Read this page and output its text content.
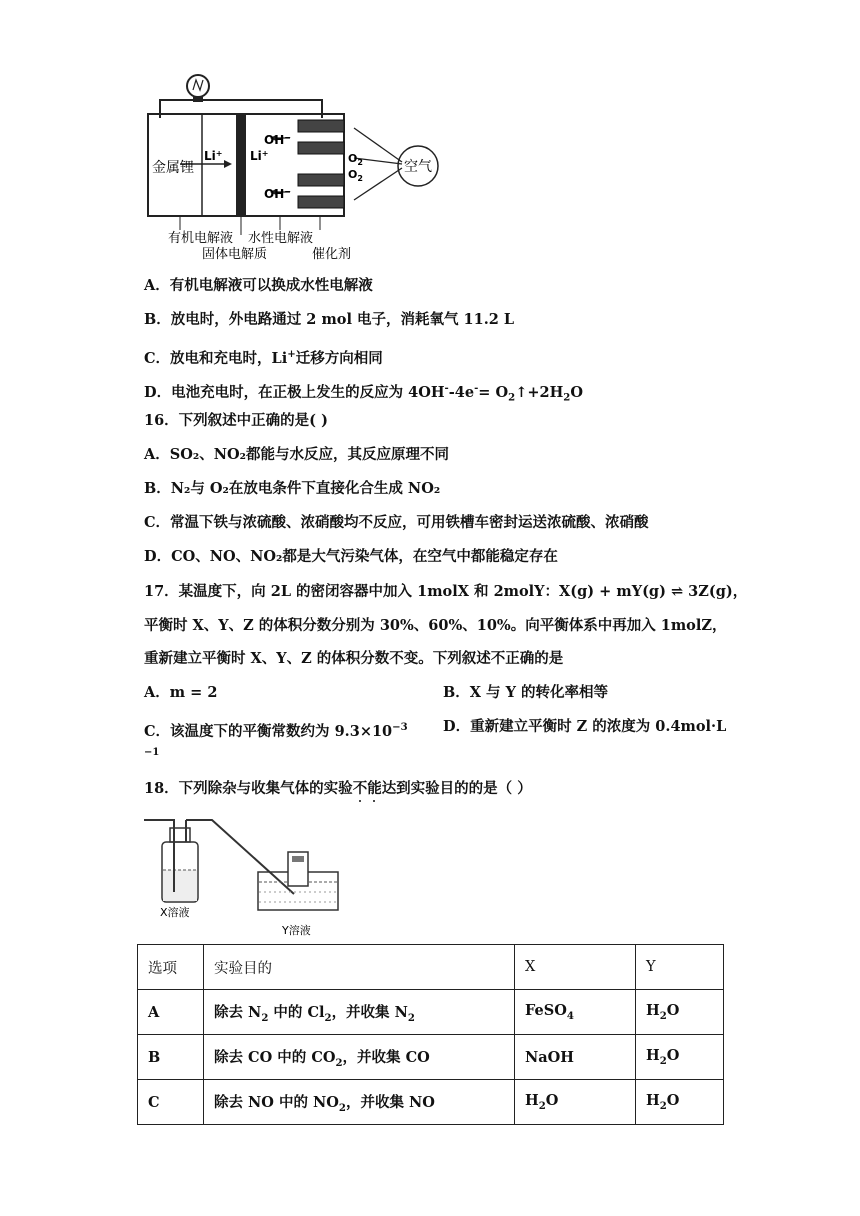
金属锂
Li+ Li+
OH−
OH−
$O_2$
$O_2$
空气
有机电解液 水性电解液
固体电解质	催化剂
A．有机电解液可以换成水性电解液
B．放电时，外电路通过 2 mol 电子，消耗氧气 11.2 L
C．放电和充电时，Li+迁移方向相同
D．电池充电时，在正极上发生的反应为 $4OH^--4e^-= O_2↑+2H_2O$
16．下列叙述中正确的是( )
A．SO₂、NO₂都能与水反应，其反应原理不同
B．N₂与 O₂在放电条件下直接化合生成 NO₂
C．常温下铁与浓硫酸、浓硝酸均不反应，可用铁槽车密封运送浓硫酸、浓硝酸
D．CO、NO、NO₂都是大气污染气体，在空气中都能稳定存在
17．某温度下，向 2L 的密闭容器中加入 1molX 和 2molY：X(g) + mY(g) ⇌ 3Z(g)，
平衡时 X、Y、Z 的体积分数分别为 30%、60%、10%。向平衡体系中再加入 1molZ，
重新建立平衡时 X、Y、Z 的体积分数不变。下列叙述不正确的是
A．m = 2	B．X 与 Y 的转化率相等
C．该温度下的平衡常数约为 $9.3\times 10^{-3}$ D．重新建立平衡时 Z 的浓度为 0.4mol·L
−1
18．下列除杂与收集气体的实验不能达到实验目的的是（ ）
X溶液
Y溶液
选项	实验目的	X	Y
A	除去 $N_2$ 中的 $Cl_2$，并收集 $N_2$	FeSO$_4$	$H_2O$
B	除去 CO 中的 $CO_2$，并收集 CO	NaOH	$H_2O$
C	除去 NO 中的 $NO_2$，并收集 NO	$H_2O$	$H_2O$
